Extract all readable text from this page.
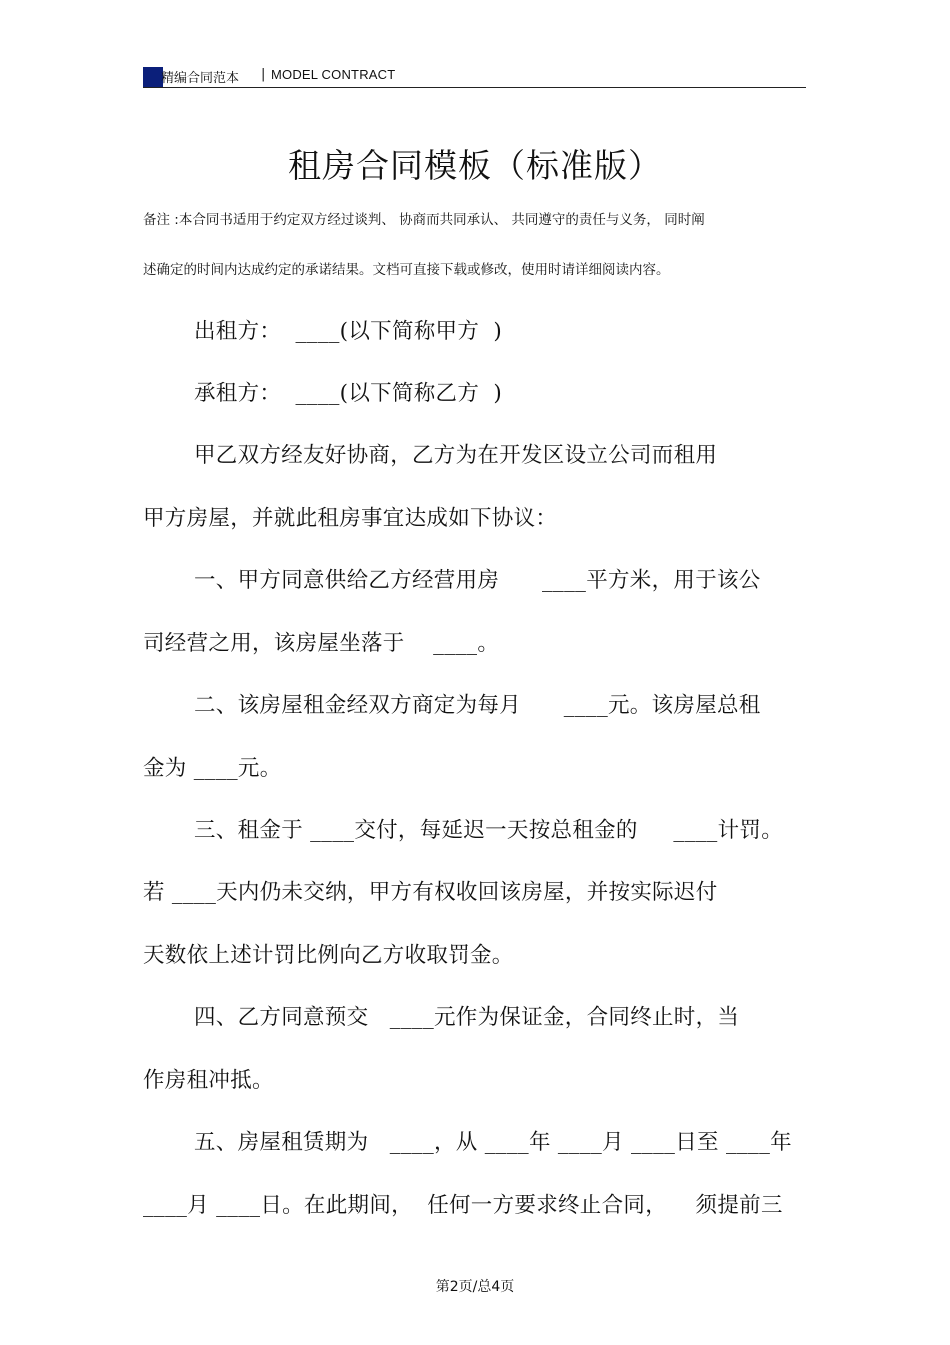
精编合同范本 | MODEL CONTRACT
租房合同模板（标准版）
备注 :本合同书适用于约定双方经过谈判、 协商而共同承认、 共同遵守的责任与义务， 同时阐
述确定的时间内达成约定的承诺结果。文档可直接下载或修改，使用时请详细阅读内容。
出租方：  ____(以下简称甲方  )
承租方：  ____(以下简称乙方  )
甲乙双方经友好协商，乙方为在开发区设立公司而租用
甲方房屋，并就此租房事宜达成如下协议：
一、甲方同意供给乙方经营用房      ____平方米，用于该公
司经营之用，该房屋坐落于    ____。
二、该房屋租金经双方商定为每月      ____元。该房屋总租
金为 ____元。
三、租金于 ____交付，每延迟一天按总租金的     ____计罚。
若 ____天内仍未交纳，甲方有权收回该房屋，并按实际迟付
天数依上述计罚比例向乙方收取罚金。
四、乙方同意预交   ____元作为保证金，合同终止时，当
作房租冲抵。
五、房屋租赁期为   ____，从 ____年 ____月 ____日至 ____年
____月 ____日。在此期间，  任何一方要求终止合同，    须提前三
第2页/总4页
